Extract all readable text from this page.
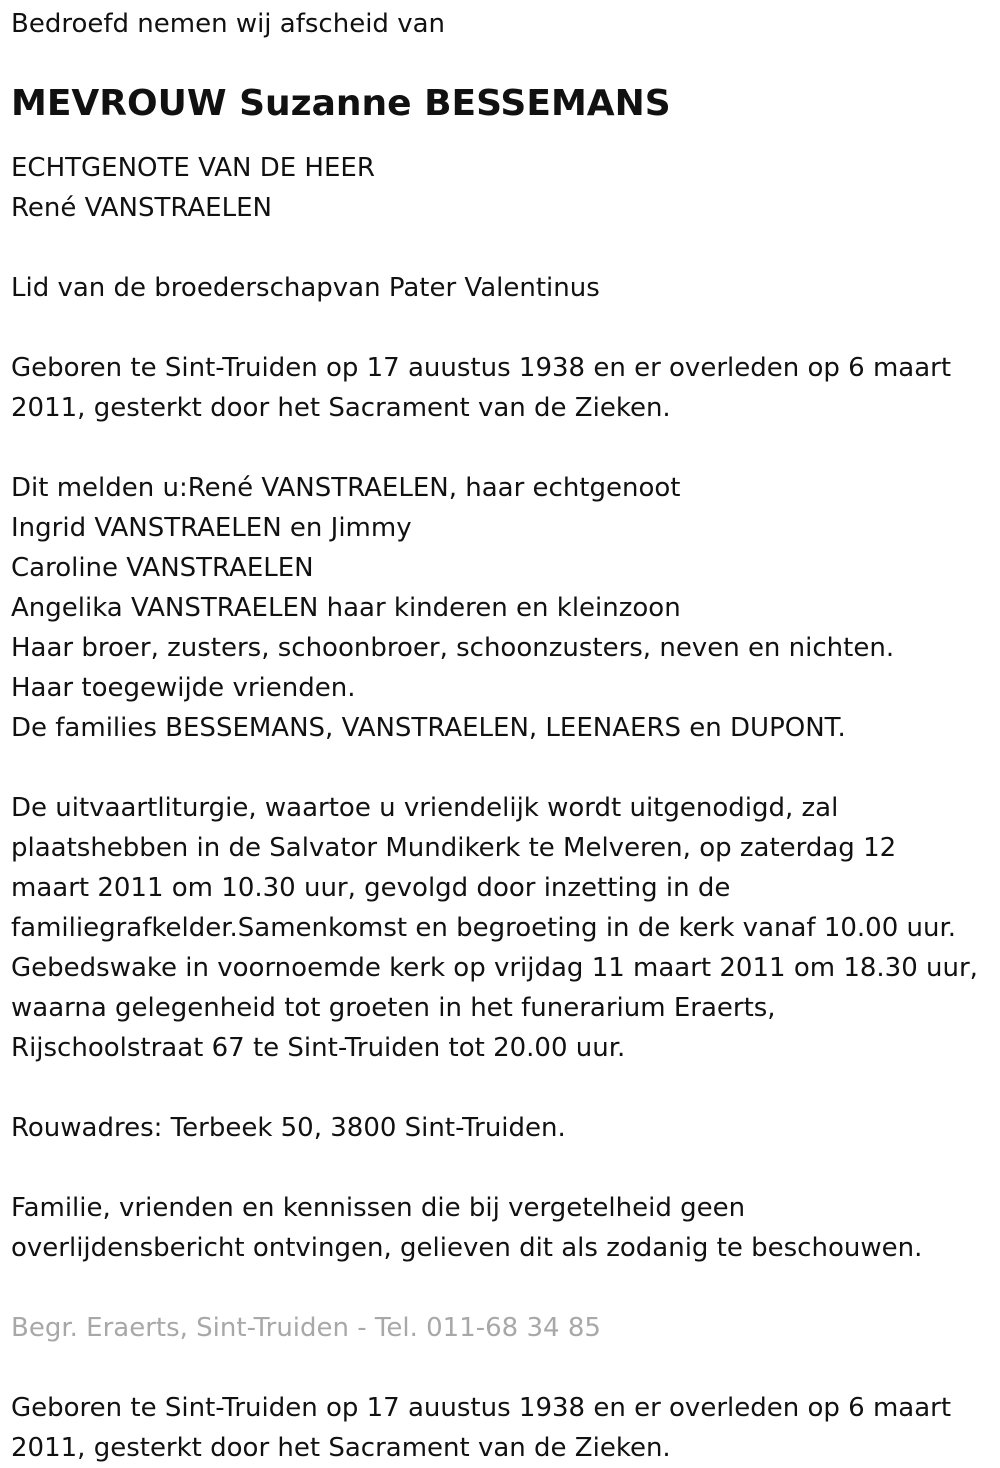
Bedroefd nemen wij afscheid van
MEVROUW Suzanne BESSEMANS
ECHTGENOTE VAN DE HEER
René VANSTRAELEN
Lid van de broederschapvan Pater Valentinus
Geboren te Sint-Truiden op 17 auustus 1938 en er overleden op 6 maart
2011, gesterkt door het Sacrament van de Zieken.
Dit melden u:René VANSTRAELEN, haar echtgenoot
Ingrid VANSTRAELEN en Jimmy
Caroline VANSTRAELEN
Angelika VANSTRAELEN haar kinderen en kleinzoon
Haar broer, zusters, schoonbroer, schoonzusters, neven en nichten.
Haar toegewijde vrienden.
De families BESSEMANS, VANSTRAELEN, LEENAERS en DUPONT.
De uitvaartliturgie, waartoe u vriendelijk wordt uitgenodigd, zal
plaatshebben in de Salvator Mundikerk te Melveren, op zaterdag 12
maart 2011 om 10.30 uur, gevolgd door inzetting in de
familiegrafkelder.Samenkomst en begroeting in de kerk vanaf 10.00 uur.
Gebedswake in voornoemde kerk op vrijdag 11 maart 2011 om 18.30 uur,
waarna gelegenheid tot groeten in het funerarium Eraerts,
Rijschoolstraat 67 te Sint-Truiden tot 20.00 uur.
Rouwadres: Terbeek 50, 3800 Sint-Truiden.
Familie, vrienden en kennissen die bij vergetelheid geen
overlijdensbericht ontvingen, gelieven dit als zodanig te beschouwen.
Begr. Eraerts, Sint-Truiden - Tel. 011-68 34 85
Geboren te Sint-Truiden op 17 auustus 1938 en er overleden op 6 maart
2011, gesterkt door het Sacrament van de Zieken.
